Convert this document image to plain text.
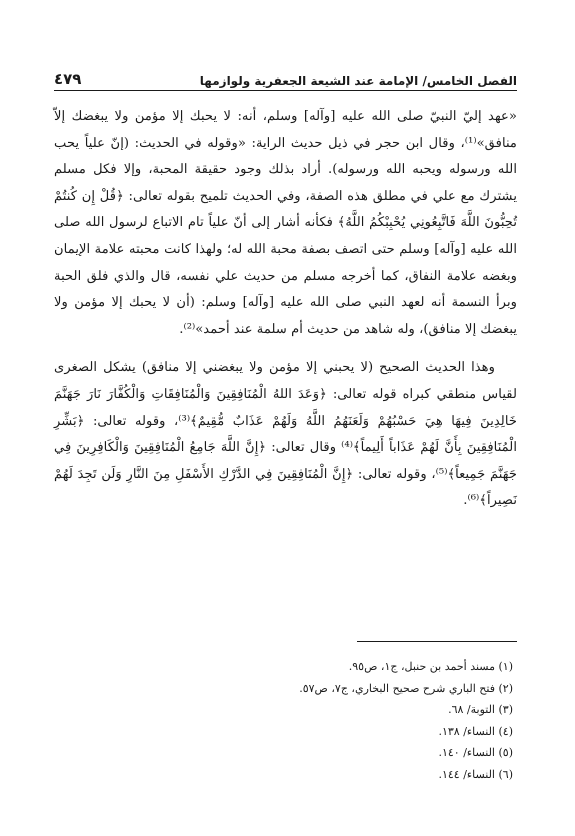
الفصل الخامس/ الإمامة عند الشيعة الجعفرية ولوازمها
٤٧٩

«عهد إليّ النبيّ صلى الله عليه [وآله] وسلم، أنه: لا يحبك إلا مؤمن ولا يبغضك إلاّ منافق»⁽¹⁾، وقال ابن حجر في ذيل حديث الراية: «وقوله في الحديث: (إنّ علياً يحب الله ورسوله ويحبه الله ورسوله). أراد بذلك وجود حقيقة المحبة، وإلا فكل مسلم يشترك مع علي في مطلق هذه الصفة، وفي الحديث تلميح بقوله تعالى: ﴿قُلْ إِن كُنتُمْ تُحِبُّونَ اللَّهَ فَاتَّبِعُونِي يُحْبِبْكُمُ اللَّهُ﴾ فكأنه أشار إلى أنّ علياً تام الاتباع لرسول الله صلى الله عليه [وآله] وسلم حتى اتصف بصفة محبة الله له؛ ولهذا كانت محبته علامة الإيمان وبغضه علامة النفاق، كما أخرجه مسلم من حديث علي نفسه، قال والذي فلق الحبة وبرأ النسمة أنه لعهد النبي صلى الله عليه [وآله] وسلم: (أن لا يحبك إلا مؤمن ولا يبغضك إلا منافق)، وله شاهد من حديث أم سلمة عند أحمد»⁽²⁾.

وهذا الحديث الصحيح (لا يحبني إلا مؤمن ولا يبغضني إلا منافق) يشكل الصغرى لقياس منطقي كبراه قوله تعالى: ﴿وَعَدَ اللهُ الْمُنَافِقِينَ وَالْمُنَافِقَاتِ وَالْكُفَّارَ نَارَ جَهَنَّمَ خَالِدِينَ فِيهَا هِيَ حَسْبُهُمْ وَلَعَنَهُمُ اللَّهُ وَلَهُمْ عَذَابٌ مُّقِيمٌ﴾⁽³⁾، وقوله تعالى: ﴿بَشِّرِ الْمُنَافِقِينَ بِأَنَّ لَهُمْ عَذَاباً أَلِيماً﴾⁽⁴⁾ وقال تعالى: ﴿إِنَّ اللَّهَ جَامِعُ الْمُنَافِقِينَ وَالْكَافِرِينَ فِي جَهَنَّمَ جَمِيعاً﴾⁽⁵⁾، وقوله تعالى: ﴿إِنَّ الْمُنَافِقِينَ فِي الدَّرْكِ الأَسْفَلِ مِنَ النَّارِ وَلَن تَجِدَ لَهُمْ نَصِيراً﴾⁽⁶⁾.

(١) مسند أحمد بن حنبل، ج١، ص٩٥.
(٢) فتح الباري شرح صحيح البخاري، ج٧، ص٥٧.
(٣) التوبة/ ٦٨.
(٤) النساء/ ١٣٨.
(٥) النساء/ ١٤٠.
(٦) النساء/ ١٤٤.
